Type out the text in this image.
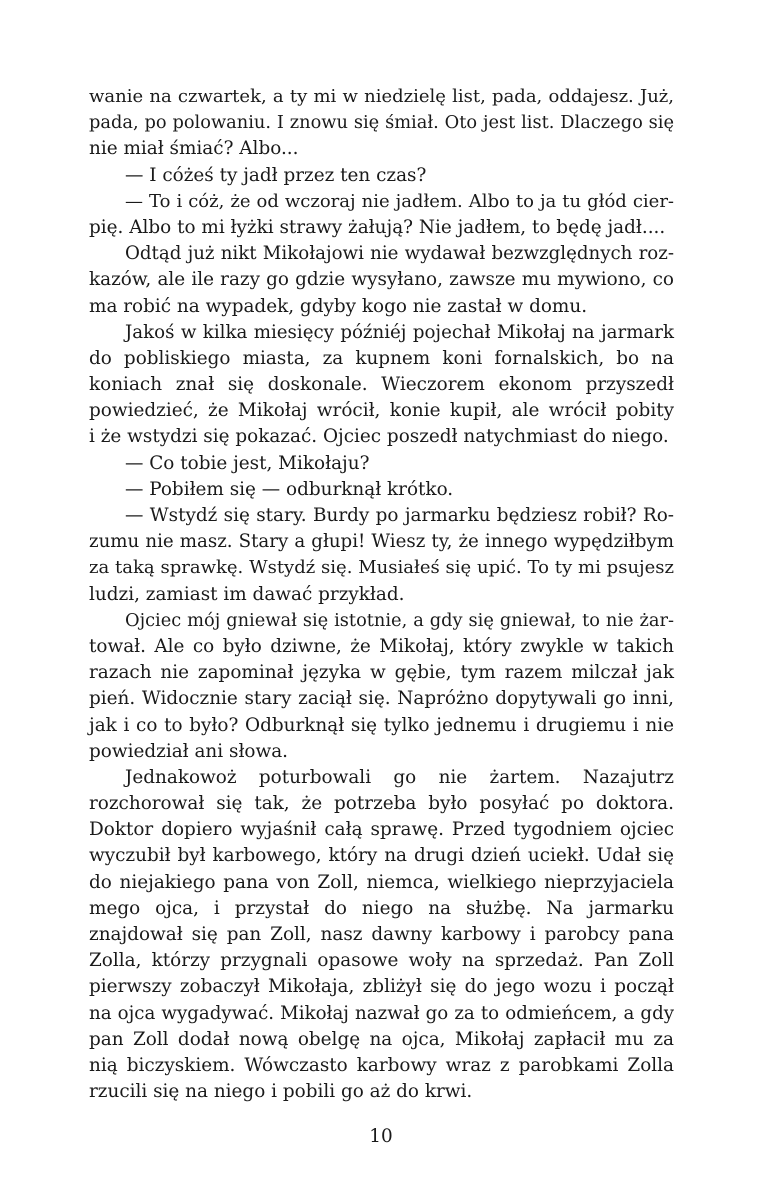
wanie na czwartek, a ty mi w niedzielę list, pada, oddajesz. Już,
pada, po polowaniu. I znowu się śmiał. Oto jest list. Dlaczego się
nie miał śmiać? Albo...
— I cóżeś ty jadł przez ten czas?
— To i cóż, że od wczoraj nie jadłem. Albo to ja tu głód cier-
pię. Albo to mi łyżki strawy żałują? Nie jadłem, to będę jadł....
Odtąd już nikt Mikołajowi nie wydawał bezwzględnych roz-
kazów, ale ile razy go gdzie wysyłano, zawsze mu mywiono, co
ma robić na wypadek, gdyby kogo nie zastał w domu.
Jakoś w kilka miesięcy późniéj pojechał Mikołaj na jarmark
do pobliskiego miasta, za kupnem koni fornalskich, bo na
koniach znał się doskonale. Wieczorem ekonom przyszedł
powiedzieć, że Mikołaj wrócił, konie kupił, ale wrócił pobity
i że wstydzi się pokazać. Ojciec poszedł natychmiast do niego.
— Co tobie jest, Mikołaju?
— Pobiłem się — odburknął krótko.
— Wstydź się stary. Burdy po jarmarku będziesz robił? Ro-
zumu nie masz. Stary a głupi! Wiesz ty, że innego wypędziłbym
za taką sprawkę. Wstydź się. Musiałeś się upić. To ty mi psujesz
ludzi, zamiast im dawać przykład.
Ojciec mój gniewał się istotnie, a gdy się gniewał, to nie żar-
tował. Ale co było dziwne, że Mikołaj, który zwykle w takich
razach nie zapominał języka w gębie, tym razem milczał jak
pień. Widocznie stary zaciął się. Napróżno dopytywali go inni,
jak i co to było? Odburknął się tylko jednemu i drugiemu i nie
powiedział ani słowa.
Jednakowoż poturbowali go nie żartem. Nazajutrz
rozchorował się tak, że potrzeba było posyłać po doktora.
Doktor dopiero wyjaśnił całą sprawę. Przed tygodniem ojciec
wyczubił był karbowego, który na drugi dzień uciekł. Udał się
do niejakiego pana von Zoll, niemca, wielkiego nieprzyjaciela
mego ojca, i przystał do niego na służbę. Na jarmarku
znajdował się pan Zoll, nasz dawny karbowy i parobcy pana
Zolla, którzy przygnali opasowe woły na sprzedaż. Pan Zoll
pierwszy zobaczył Mikołaja, zbliżył się do jego wozu i począł
na ojca wygadywać. Mikołaj nazwał go za to odmieńcem, a gdy
pan Zoll dodał nową obelgę na ojca, Mikołaj zapłacił mu za
nią biczyskiem. Wówczasto karbowy wraz z parobkami Zolla
rzucili się na niego i pobili go aż do krwi.
10
